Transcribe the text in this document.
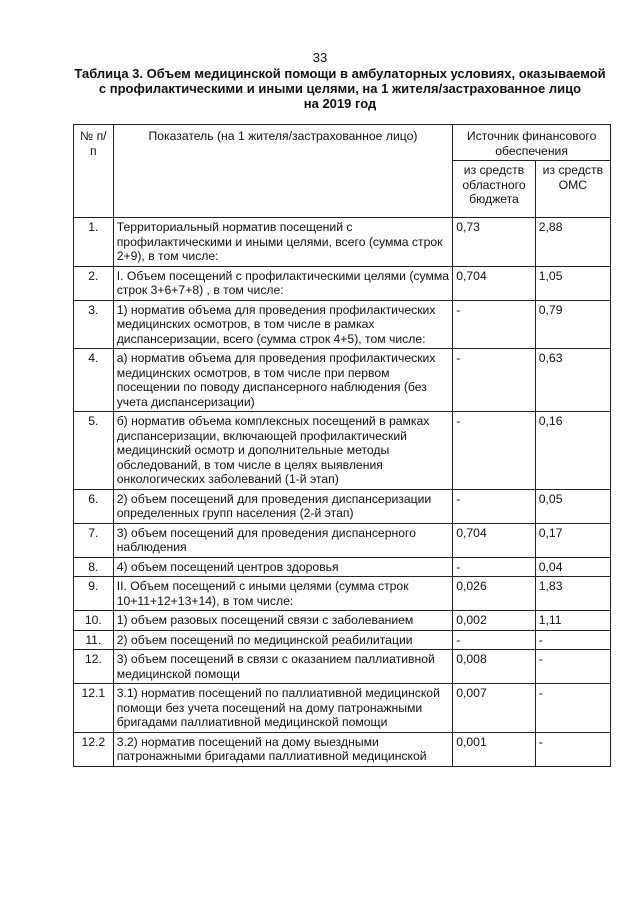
33
Таблица 3. Объем медицинской помощи в амбулаторных условиях, оказываемой
с профилактическими и иными целями, на 1 жителя/застрахованное лицо
на 2019 год
№ п/п	Показатель (на 1 жителя/застрахованное лицо)	Источник финансового обеспечения	
		из средств областного бюджета	из средств ОМС
1.	Территориальный норматив посещений с профилактическими и иными целями, всего (сумма строк 2+9), в том числе:	0,73	2,88
2.	I. Объем посещений с профилактическими целями (сумма строк 3+6+7+8) , в том числе:	0,704	1,05
3.	1) норматив объема для проведения профилактических медицинских осмотров, в том числе в рамках диспансеризации, всего (сумма строк 4+5), том числе:	-	0,79
4.	а) норматив объема для проведения профилактических медицинских осмотров, в том числе при первом посещении по поводу диспансерного наблюдения (без учета диспансеризации)	-	0,63
5.	б) норматив объема комплексных посещений в рамках диспансеризации, включающей профилактический медицинский осмотр и дополнительные методы обследований, в том числе в целях выявления онкологических заболеваний (1-й этап)	-	0,16
6.	2) объем посещений для проведения диспансеризации определенных групп населения (2-й этап)	-	0,05
7.	3) объем посещений для проведения диспансерного наблюдения	0,704	0,17
8.	4) объем посещений центров здоровья	-	0,04
9.	II. Объем посещений с иными целями (сумма строк 10+11+12+13+14), в том числе:	0,026	1,83
10.	1) объем разовых посещений связи с заболеванием	0,002	1,11
11.	2) объем посещений по медицинской реабилитации	-	-
12.	3) объем посещений в связи с оказанием паллиативной медицинской помощи	0,008	-
12.1	3.1) норматив посещений по паллиативной медицинской помощи без учета посещений на дому патронажными бригадами паллиативной медицинской помощи	0,007	-
12.2	3.2) норматив посещений на дому выездными патронажными бригадами паллиативной медицинской	0,001	-
